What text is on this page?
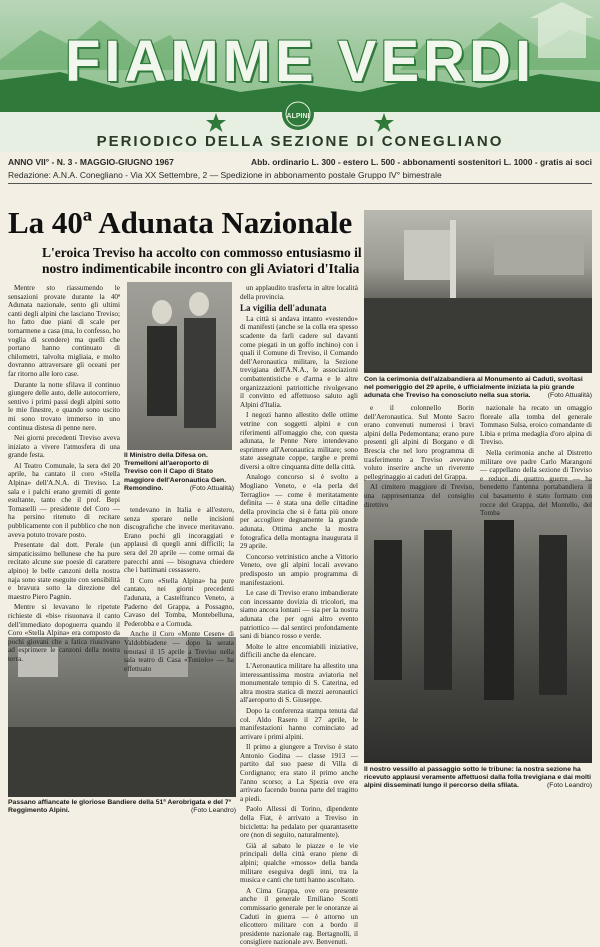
FIAMME VERDI
ALPINI
PERIODICO DELLA SEZIONE DI CONEGLIANO
ANNO VII° - N. 3 - MAGGIO-GIUGNO 1967	Abb. ordinario L. 300 - estero L. 500 - abbonamenti sostenitori L. 1000 - gratis ai soci
Redazione: A.N.A. Conegliano - Via XX Settembre, 2 — Spedizione in abbonamento postale Gruppo IV° bimestrale
La 40ª Adunata Nazionale
L'eroica Treviso ha accolto con commosso entusiasmo il nostro indimenticabile incontro con gli Aviatori d'Italia
Il Ministro della Difesa on. Tremelloni all'aeroporto di Treviso con il Capo di Stato maggiore dell'Aeronautica Gen. Remondino.	(Foto Attualità)
Con la cerimonia dell'alzabandiera al Monumento ai Caduti, svoltasi nel pomeriggio del 29 aprile, è ufficialmente iniziata la più grande adunata che Treviso ha conosciuto nella sua storia.	(Foto Attualità)
Passano affiancate le gloriose Bandiere della 51ª Aerobrigata e del 7° Reggimento Alpini.	(Foto Leandro)
Il nostro vessillo al passaggio sotto le tribune: la nostra sezione ha ricevuto applausi veramente affettuosi dalla folla trevigiana e dai molti alpini disseminati lungo il percorso della sfilata.	(Foto Leandro)

Mentre sto riassumendo le sensazioni provate durante la 40ª Adunata nazionale, sento gli ultimi canti degli alpini che lasciano Treviso; ho fatto due piani di scale per tornarmene a casa (ma, lo confesso, ho voglia di scendere) ma quelli che portano hanno continuato di chilometri, talvolta migliaia, e molto dovranno attraversare gli oceani per far ritorno alle loro case.

Durante la notte sfilava il continuo giungere delle auto, delle autocorriere, sentivo i primi passi degli alpini sotto le mie finestre, e quando sono uscito mi sono trovato immerso in uno continua distesa di penne nere.

Nei giorni precedenti Treviso aveva iniziato a vivere l'atmosfera di una grande festa.

Al Teatro Comunale, la sera del 20 aprile, ha cantato il coro «Stella Alpina» dell'A.N.A. di Treviso. La sala e i palchi erano gremiti di gente esultante, tanto che il prof. Bepi Tomaselli — presidente del Coro — ha persino ritenuto di recitare pubblicamente con il pubblico che non aveva potuto trovare posto.

Presentate dal dott. Perale (un simpaticissimo bellunese che ha pure recitato alcune sue poesie di carattere alpino) le belle canzoni della nostra naja sono state eseguite con sensibilità e bravura sotto la direzione del maestro Piero Pagnin.

Mentre si levavano le ripetute richieste di «bis» risuonava il canto dell'immediato dopoguerra quando il Coro «Stella Alpina» era composto da pochi giovani che a fatica riuscivano ad esprimere le canzoni della nostra terra.

tendevano in Italia e all'estero, senza sperare nelle incisioni discografiche che invece meritavano. Erano pochi gli incoraggiati e applausi di quegli anni difficili; la sera del 20 aprile — come ormai da parecchi anni — bisognava chiedere che i battimani cessassero.

Il Coro «Stella Alpina» ha pure cantato, nei giorni precedenti l'adunata, a Castelfranco Veneto, a Paderno del Grappa, a Possagno, Cavaso del Tomba, Montebelluna, Pederobba e a Cornuda.

Anche il Coro «Monte Cesen» di Valdobbiadene — dopo la serata tenutasi il 15 aprile a Treviso nella sala teatro di Casa «Toniolo» — ha effettuato

un applaudito trasferta in altre località della provincia.

La vigilia dell'adunata

La città si andava intanto «vestendo» di manifesti (anche se la colla era spesso scadente da farli cadere sul davanti come piegati in un goffo inchino) con i quali il Comune di Treviso, il Comando dell'Aeronautica militare, la Sezione trevigiana dell'A.N.A., le associazioni combattentistiche e d'arma e le altre organizzazioni patriottiche rivolgevano il convinto ed affettuoso saluto agli Alpini d'Italia.

I negozi hanno allestito delle ottime vetrine con soggetti alpini e con riferimenti all'omaggio che, con questa adunata, le Penne Nere intendevano esprimere all'Aeronautica militare; sono state assegnate coppe, targhe e premi diversi a oltre cinquanta ditte della città.

Analogo concorso si è svolto a Mogliano Veneto, e «la perla del Terraglio» — come è meritatamente definita — è stata una delle cittadine della provincia che si è fatta più onore per accogliere degnamente la grande adunata. Ottima anche la mostra fotografica della montagna inaugurata il 29 aprile.

Concorso vetrinistico anche a Vittorio Veneto, ove gli alpini locali avevano predisposto un ampio programma di manifestazioni.

Le case di Treviso erano imbandierate con incessante dovizia di tricolori, ma siamo ancora lontani — sia per la nostra adunata che per ogni altro evento patriottico — dal sentirci profondamente sani di bianco rosso e verde.

Molte le altre encomiabili iniziative, difficili anche da elencare.

L'Aeronautica militare ha allestito una interessantissima mostra aviatoria nel monumentale tempio di S. Caterina, ed altra mostra statica di mezzi aeronautici all'aeroporto di S. Giuseppe.

Dopo la conferenza stampa tenuta dal col. Aldo Rasero il 27 aprile, le manifestazioni hanno cominciato ad arrivare i primi alpini.

Il primo a giungere a Treviso è stato Antonio Godina — classe 1913 — partito dal suo paese di Villa di Cordignano; era stato il primo anche l'anno scorso; a La Spezia ove era arrivato facendo buona parte del tragitto a piedi.

Paolo Allessi di Torino, dipendente della Fiat, è arrivato a Treviso in bicicletta: ha pedalato per quarantasette ore (non di seguito, naturalmente).

Già al sabato le piazze e le vie principali della città erano piene di alpini; qualche «mosso» della banda militare eseguiva degli inni, tra la musica e canti che tutti hanno ascoltato.

A Cima Grappa, ove era presente anche il generale Emiliano Scotti commissario generale per le onoranze ai Caduti in guerra — è attorno un elicottero militare con a bordo il presidente nazionale rag. Bertagnolli, il consigliere nazionale avv. Benvenuti.

e il colonnello Borin dell'Aeronautica. Sul Monte Sacro erano convenuti numerosi i bravi alpini della Pedemontana; erano pure presenti gli alpini di Borgano e di Brescia che nel loro programma di trasferimento a Treviso avevano voluto inserire anche un riverente pellegrinaggio ai caduti del Grappa.

Al cimitero maggiore di Treviso, una rappresentanza del consiglio direttivo

nazionale ha recato un omaggio floreale alla tomba del generale Tommaso Sulsa, eroico comandante di Libia e prima medaglia d'oro alpina di Treviso.

Nella cerimonia anche al Distretto militare ove padre Carlo Marangoni — cappellano della sezione di Treviso e reduce di quattro guerre — ha benedetto l'antenna portabandiera il cui basamento è stato formato con rocce del Grappa, del Montello, del Tomba
